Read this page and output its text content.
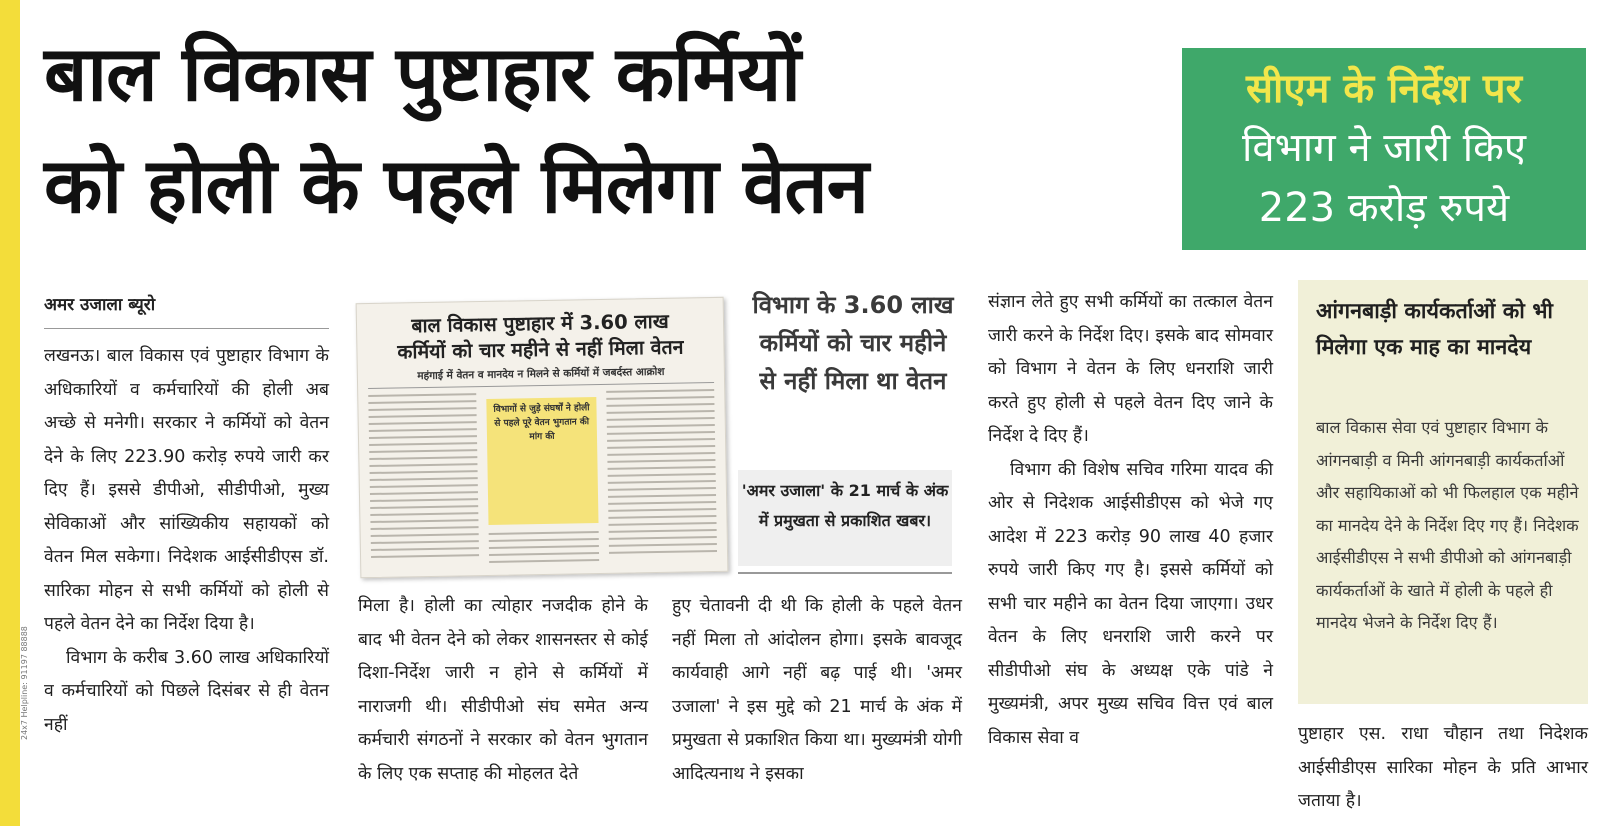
24x7 Helpline: 91197 88888
बाल विकास पुष्टाहार कर्मियों
को होली के पहले मिलेगा वेतन
सीएम के निर्देश पर
विभाग ने जारी किए
223 करोड़ रुपये
अमर उजाला ब्यूरो

लखनऊ। बाल विकास एवं पुष्टाहार विभाग के अधिकारियों व कर्मचारियों की होली अब अच्छे से मनेगी। सरकार ने कर्मियों को वेतन देने के लिए 223.90 करोड़ रुपये जारी कर दिए हैं। इससे डीपीओ, सीडीपीओ, मुख्य सेविकाओं और सांख्यिकीय सहायकों को वेतन मिल सकेगा। निदेशक आईसीडीएस डॉ. सारिका मोहन से सभी कर्मियों को होली से पहले वेतन देने का निर्देश दिया है।

विभाग के करीब 3.60 लाख अधिकारियों व कर्मचारियों को पिछले दिसंबर से ही वेतन नहीं

बाल विकास पुष्टाहार में 3.60 लाख
कर्मियों को चार महीने से नहीं मिला वेतन
महंगाई में वेतन व मानदेय न मिलने से कर्मियों में जबर्दस्त आक्रोश
विभागों से जुड़े संघर्षों ने होली से पहले पूरे वेतन भुगतान की मांग की
विभाग के 3.60 लाख कर्मियों को चार महीने से नहीं मिला था वेतन
'अमर उजाला' के 21 मार्च के अंक में प्रमुखता से प्रकाशित खबर।

मिला है। होली का त्योहार नजदीक होने के बाद भी वेतन देने को लेकर शासनस्तर से कोई दिशा-निर्देश जारी न होने से कर्मियों में नाराजगी थी। सीडीपीओ संघ समेत अन्य कर्मचारी संगठनों ने सरकार को वेतन भुगतान के लिए एक सप्ताह की मोहलत देते

हुए चेतावनी दी थी कि होली के पहले वेतन नहीं मिला तो आंदोलन होगा। इसके बावजूद कार्यवाही आगे नहीं बढ़ पाई थी। 'अमर उजाला' ने इस मुद्दे को 21 मार्च के अंक में प्रमुखता से प्रकाशित किया था। मुख्यमंत्री योगी आदित्यनाथ ने इसका

संज्ञान लेते हुए सभी कर्मियों का तत्काल वेतन जारी करने के निर्देश दिए। इसके बाद सोमवार को विभाग ने वेतन के लिए धनराशि जारी करते हुए होली से पहले वेतन दिए जाने के निर्देश दे दिए हैं।

विभाग की विशेष सचिव गरिमा यादव की ओर से निदेशक आईसीडीएस को भेजे गए आदेश में 223 करोड़ 90 लाख 40 हजार रुपये जारी किए गए है। इससे कर्मियों को सभी चार महीने का वेतन दिया जाएगा। उधर वेतन के लिए धनराशि जारी करने पर सीडीपीओ संघ के अध्यक्ष एके पांडे ने मुख्यमंत्री, अपर मुख्य सचिव वित्त एवं बाल विकास सेवा व

आंगनबाड़ी कार्यकर्ताओं को भी मिलेगा एक माह का मानदेय
बाल विकास सेवा एवं पुष्टाहार विभाग के आंगनबाड़ी व मिनी आंगनबाड़ी कार्यकर्ताओं और सहायिकाओं को भी फिलहाल एक महीने का मानदेय देने के निर्देश दिए गए हैं। निदेशक आईसीडीएस ने सभी डीपीओ को आंगनबाड़ी कार्यकर्ताओं के खाते में होली के पहले ही मानदेय भेजने के निर्देश दिए हैं।

पुष्टाहार एस. राधा चौहान तथा निदेशक आईसीडीएस सारिका मोहन के प्रति आभार जताया है।
